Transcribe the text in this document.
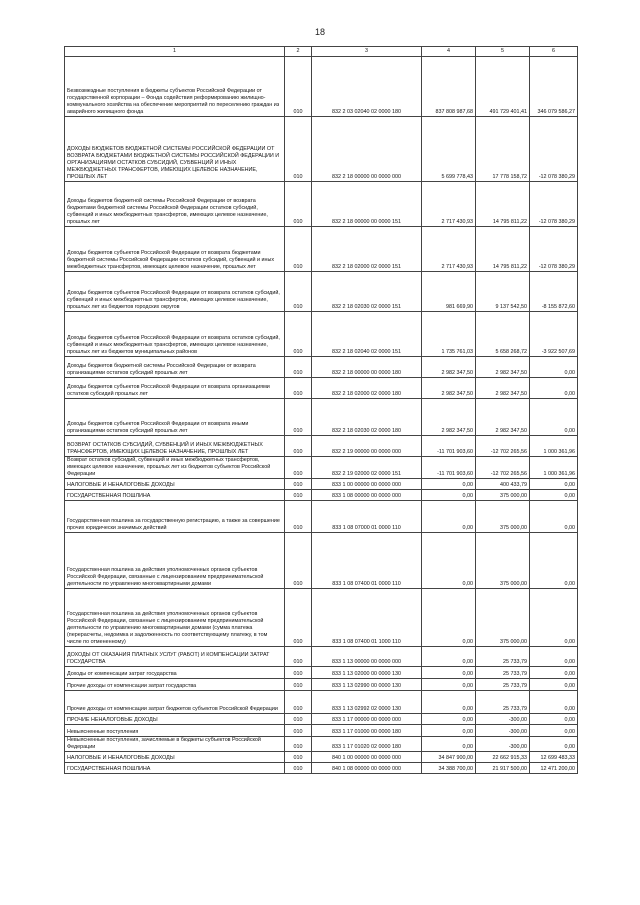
18
1	2	3	4	5	6
Безвозмездные поступления в бюджеты субъектов Российской Федерации от государственной корпорации – Фонда содействия реформированию жилищно-коммунального хозяйства на обеспечение мероприятий по переселению граждан из аварийного жилищного фонда	010	832 2 03 02040 02 0000 180	837 808 987,68	491 729 401,41	346 079 586,27
ДОХОДЫ БЮДЖЕТОВ БЮДЖЕТНОЙ СИСТЕМЫ РОССИЙСКОЙ ФЕДЕРАЦИИ ОТ ВОЗВРАТА БЮДЖЕТАМИ БЮДЖЕТНОЙ СИСТЕМЫ РОССИЙСКОЙ ФЕДЕРАЦИИ И ОРГАНИЗАЦИЯМИ ОСТАТКОВ СУБСИДИЙ, СУБВЕНЦИЙ И ИНЫХ МЕЖБЮДЖЕТНЫХ ТРАНСФЕРТОВ, ИМЕЮЩИХ ЦЕЛЕВОЕ НАЗНАЧЕНИЕ, ПРОШЛЫХ ЛЕТ	010	832 2 18 00000 00 0000 000	5 699 778,43	17 778 158,72	-12 078 380,29
Доходы бюджетов бюджетной системы Российской Федерации от возврата бюджетами бюджетной системы Российской Федерации остатков субсидий, субвенций и иных межбюджетных трансфертов, имеющих целевое назначение, прошлых лет	010	832 2 18 00000 00 0000 151	2 717 430,93	14 795 811,22	-12 078 380,29
Доходы бюджетов субъектов Российской Федерации от возврата бюджетами бюджетной системы Российской Федерации остатков субсидий, субвенций и иных межбюджетных трансфертов, имеющих целевое назначение, прошлых лет	010	832 2 18 02000 02 0000 151	2 717 430,93	14 795 811,22	-12 078 380,29
Доходы бюджетов субъектов Российской Федерации от возврата остатков субсидий, субвенций и иных межбюджетных трансфертов, имеющих целевое назначение, прошлых лет из бюджетов городских округов	010	832 2 18 02030 02 0000 151	981 669,90	9 137 542,50	-8 155 872,60
Доходы бюджетов субъектов Российской Федерации от возврата остатков субсидий, субвенций и иных межбюджетных трансфертов, имеющих целевое назначение, прошлых лет из бюджетов муниципальных районов	010	832 2 18 02040 02 0000 151	1 735 761,03	5 658 268,72	-3 922 507,69
Доходы бюджетов бюджетной системы Российской Федерации от возврата организациями остатков субсидий прошлых лет	010	832 2 18 00000 00 0000 180	2 982 347,50	2 982 347,50	0,00
Доходы бюджетов субъектов Российской Федерации от возврата организациями остатков субсидий прошлых лет	010	832 2 18 02000 02 0000 180	2 982 347,50	2 982 347,50	0,00
Доходы бюджетов субъектов Российской Федерации от возврата иными организациями остатков субсидий прошлых лет	010	832 2 18 02030 02 0000 180	2 982 347,50	2 982 347,50	0,00
ВОЗВРАТ ОСТАТКОВ СУБСИДИЙ, СУБВЕНЦИЙ И ИНЫХ МЕЖБЮДЖЕТНЫХ ТРАНСФЕРТОВ, ИМЕЮЩИХ ЦЕЛЕВОЕ НАЗНАЧЕНИЕ, ПРОШЛЫХ ЛЕТ	010	832 2 19 00000 00 0000 000	-11 701 903,60	-12 702 265,56	1 000 361,96
Возврат остатков субсидий, субвенций и иных межбюджетных трансфертов, имеющих целевое назначение, прошлых лет из бюджетов субъектов Российской Федерации	010	832 2 19 02000 02 0000 151	-11 701 903,60	-12 702 265,56	1 000 361,96
НАЛОГОВЫЕ И НЕНАЛОГОВЫЕ ДОХОДЫ	010	833 1 00 00000 00 0000 000	0,00	400 433,79	0,00
ГОСУДАРСТВЕННАЯ ПОШЛИНА	010	833 1 08 00000 00 0000 000	0,00	375 000,00	0,00
Государственная пошлина за государственную регистрацию, а также за совершение прочих юридически значимых действий	010	833 1 08 07000 01 0000 110	0,00	375 000,00	0,00
Государственная пошлина за действия уполномоченных органов субъектов Российской Федерации, связанные с лицензированием предпринимательской деятельности по управлению многоквартирными домами	010	833 1 08 07400 01 0000 110	0,00	375 000,00	0,00
Государственная пошлина за действия уполномоченных органов субъектов Российской Федерации, связанные с лицензированием предпринимательской деятельности по управлению многоквартирными домами (сумма платежа (перерасчеты, недоимка и задолженность по соответствующему платежу, в том числе по отмененному)	010	833 1 08 07400 01 1000 110	0,00	375 000,00	0,00
ДОХОДЫ ОТ ОКАЗАНИЯ ПЛАТНЫХ УСЛУГ (РАБОТ) И КОМПЕНСАЦИИ ЗАТРАТ ГОСУДАРСТВА	010	833 1 13 00000 00 0000 000	0,00	25 733,79	0,00
Доходы от компенсации затрат государства	010	833 1 13 02000 00 0000 130	0,00	25 733,79	0,00
Прочие доходы от компенсации затрат государства	010	833 1 13 02990 00 0000 130	0,00	25 733,79	0,00
Прочие доходы от компенсации затрат бюджетов субъектов Российской Федерации	010	833 1 13 02992 02 0000 130	0,00	25 733,79	0,00
ПРОЧИЕ НЕНАЛОГОВЫЕ ДОХОДЫ	010	833 1 17 00000 00 0000 000	0,00	-300,00	0,00
Невыясненные поступления	010	833 1 17 01000 00 0000 180	0,00	-300,00	0,00
Невыясненные поступления, зачисляемые в бюджеты субъектов Российской Федерации	010	833 1 17 01020 02 0000 180	0,00	-300,00	0,00
НАЛОГОВЫЕ И НЕНАЛОГОВЫЕ ДОХОДЫ	010	840 1 00 00000 00 0000 000	34 847 900,00	22 662 915,33	12 699 483,33
ГОСУДАРСТВЕННАЯ ПОШЛИНА	010	840 1 08 00000 00 0000 000	34 388 700,00	21 917 500,00	12 471 200,00
